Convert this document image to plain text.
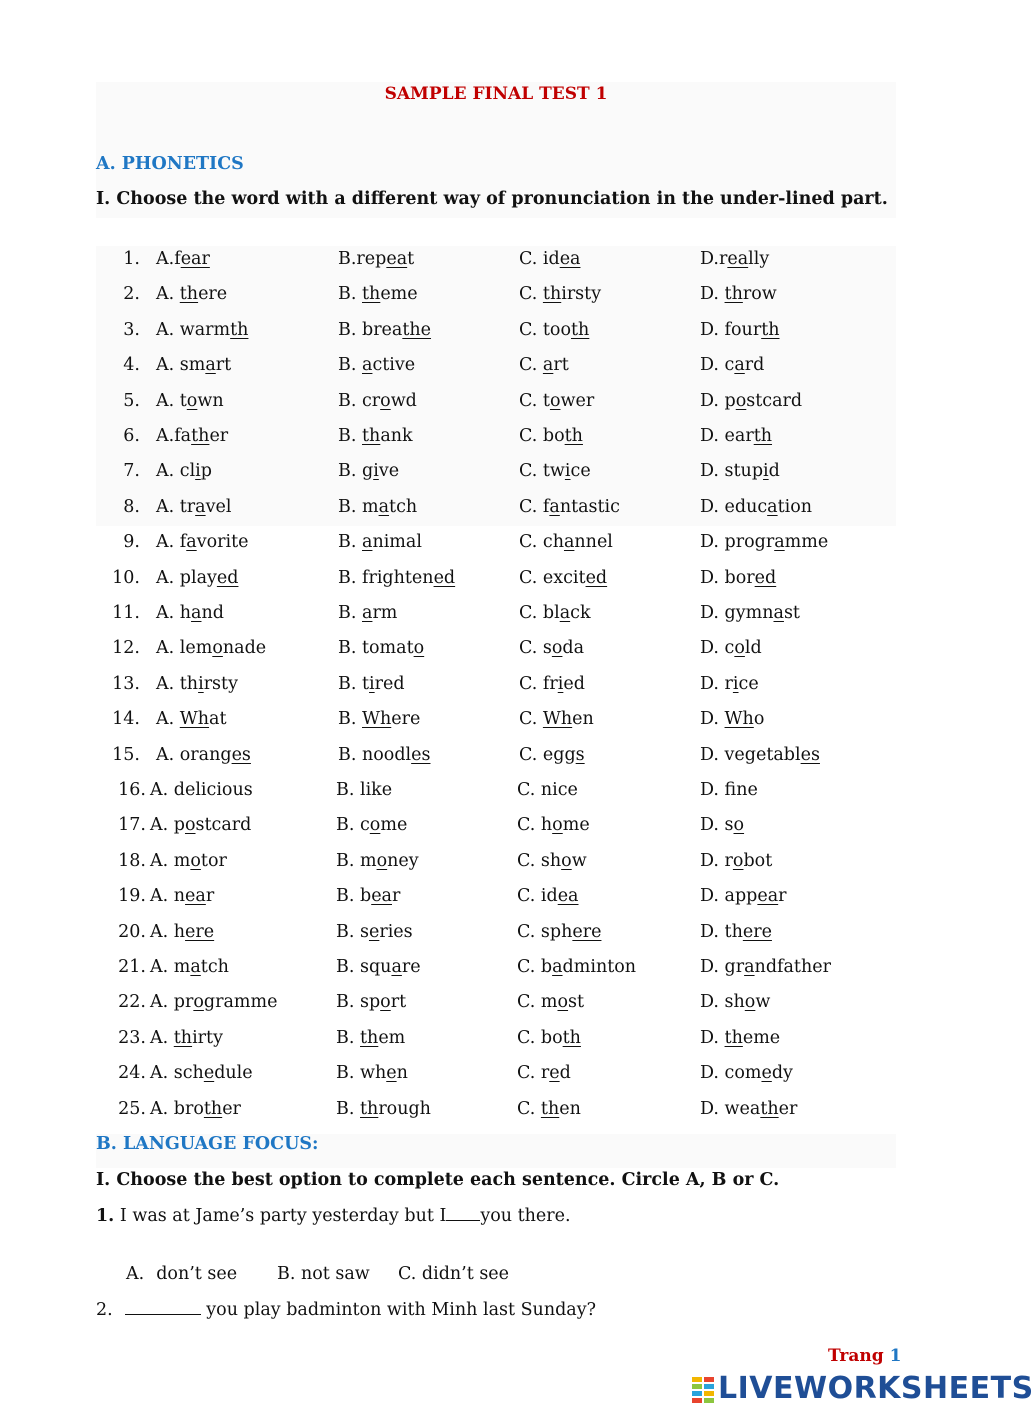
SAMPLE FINAL TEST 1
A. PHONETICS
I. Choose the word with a different way of pronunciation in the under-lined part.
1. A.fear	B.repeat	C. idea	D.really
2. A. there	B. theme	C. thirsty	D. throw
3. A. warmth	B. breathe	C. tooth	D. fourth
4. A. smart	B. active	C. art	D. card
5. A. town	B. crowd	C. tower	D. postcard
6. A.father	B. thank	C. both	D. earth
7. A. clip	B. give	C. twice	D. stupid
8. A. travel	B. match	C. fantastic	D. education
9. A. favorite	B. animal	C. channel	D. programme
10. A. played	B. frightened	C. excited	D. bored
11. A. hand	B. arm	C. black	D. gymnast
12. A. lemonade	B. tomato	C. soda	D. cold
13. A. thirsty	B. tired	C. fried	D. rice
14. A. What	B. Where	C. When	D. Who
15. A. oranges	B. noodles	C. eggs	D. vegetables
16. A. delicious	B. like	C. nice	D. fine
17. A. postcard	B. come	C. home	D. so
18. A. motor	B. money	C. show	D. robot
19. A. near	B. bear	C. idea	D. appear
20. A. here	B. series	C. sphere	D. there
21. A. match	B. square	C. badminton	D. grandfather
22. A. programme	B. sport	C. most	D. show
23. A. thirty	B. them	C. both	D. theme
24. A. schedule	B. when	C. red	D. comedy
25. A. brother	B. through	C. then	D. weather
B. LANGUAGE FOCUS:
I. Choose the best option to complete each sentence. Circle A, B or C.
1. I was at Jame’s party yesterday but I you there.
A. don’t see B. not saw C. didn’t see
2.	you play badminton with Minh last Sunday?
Trang 1
LIVEWORKSHEETS
